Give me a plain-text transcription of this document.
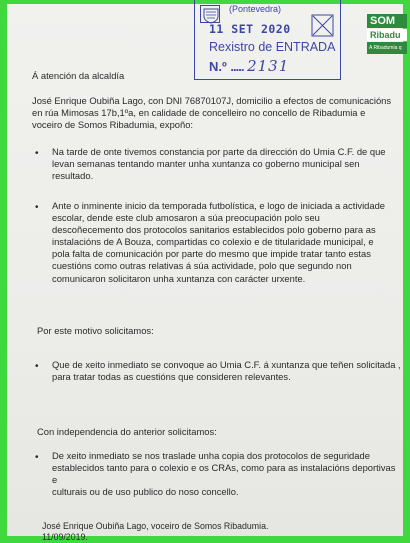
(Pontevedra)
11 SET 2020
Rexistro de ENTRADA
N.º ..... 2131
SOM
Ribadu
A Ribadumia q
Á atención da alcaldía
José Enrique Oubiña Lago, con DNI 76870107J, domicilio a efectos de comunicacións
en rúa Mimosas 17b,1ºa, en calidade de concelleiro no concello de Ribadumia e
voceiro de Somos Ribadumia, expoño:
• Na tarde de onte tivemos constancia por parte da dirección do Umia C.F. de que
levan semanas tentando manter unha xuntanza co goberno municipal sen
resultado.
• Ante o inminente inicio da temporada futbolística, e logo de iniciada a actividade
escolar, dende este club amosaron a súa preocupación polo seu
descoñecemento dos protocolos sanitarios establecidos polo goberno para as
instalacións de A Bouza, compartidas co colexio e de titularidade municipal, e
pola falta de comunicación por parte do mesmo que impide tratar tanto estas
cuestións como outras relativas á súa actividade, polo que segundo non
comunicaron solicitaron unha xuntanza con carácter urxente.
Por este motivo solicitamos:
• Que de xeito inmediato se convoque ao Umia C.F. á xuntanza que teñen solicitada ,
para tratar todas as cuestións que consideren relevantes.
Con independencia do anterior solicitamos:
• De xeito inmediato se nos traslade unha copia dos protocolos de seguridade
establecidos tanto para o colexio e os CRAs, como para as instalacións deportivas e
culturais ou de uso publico do noso concello.
José Enrique Oubiña Lago, voceiro de Somos Ribadumia.
11/09/2019.
